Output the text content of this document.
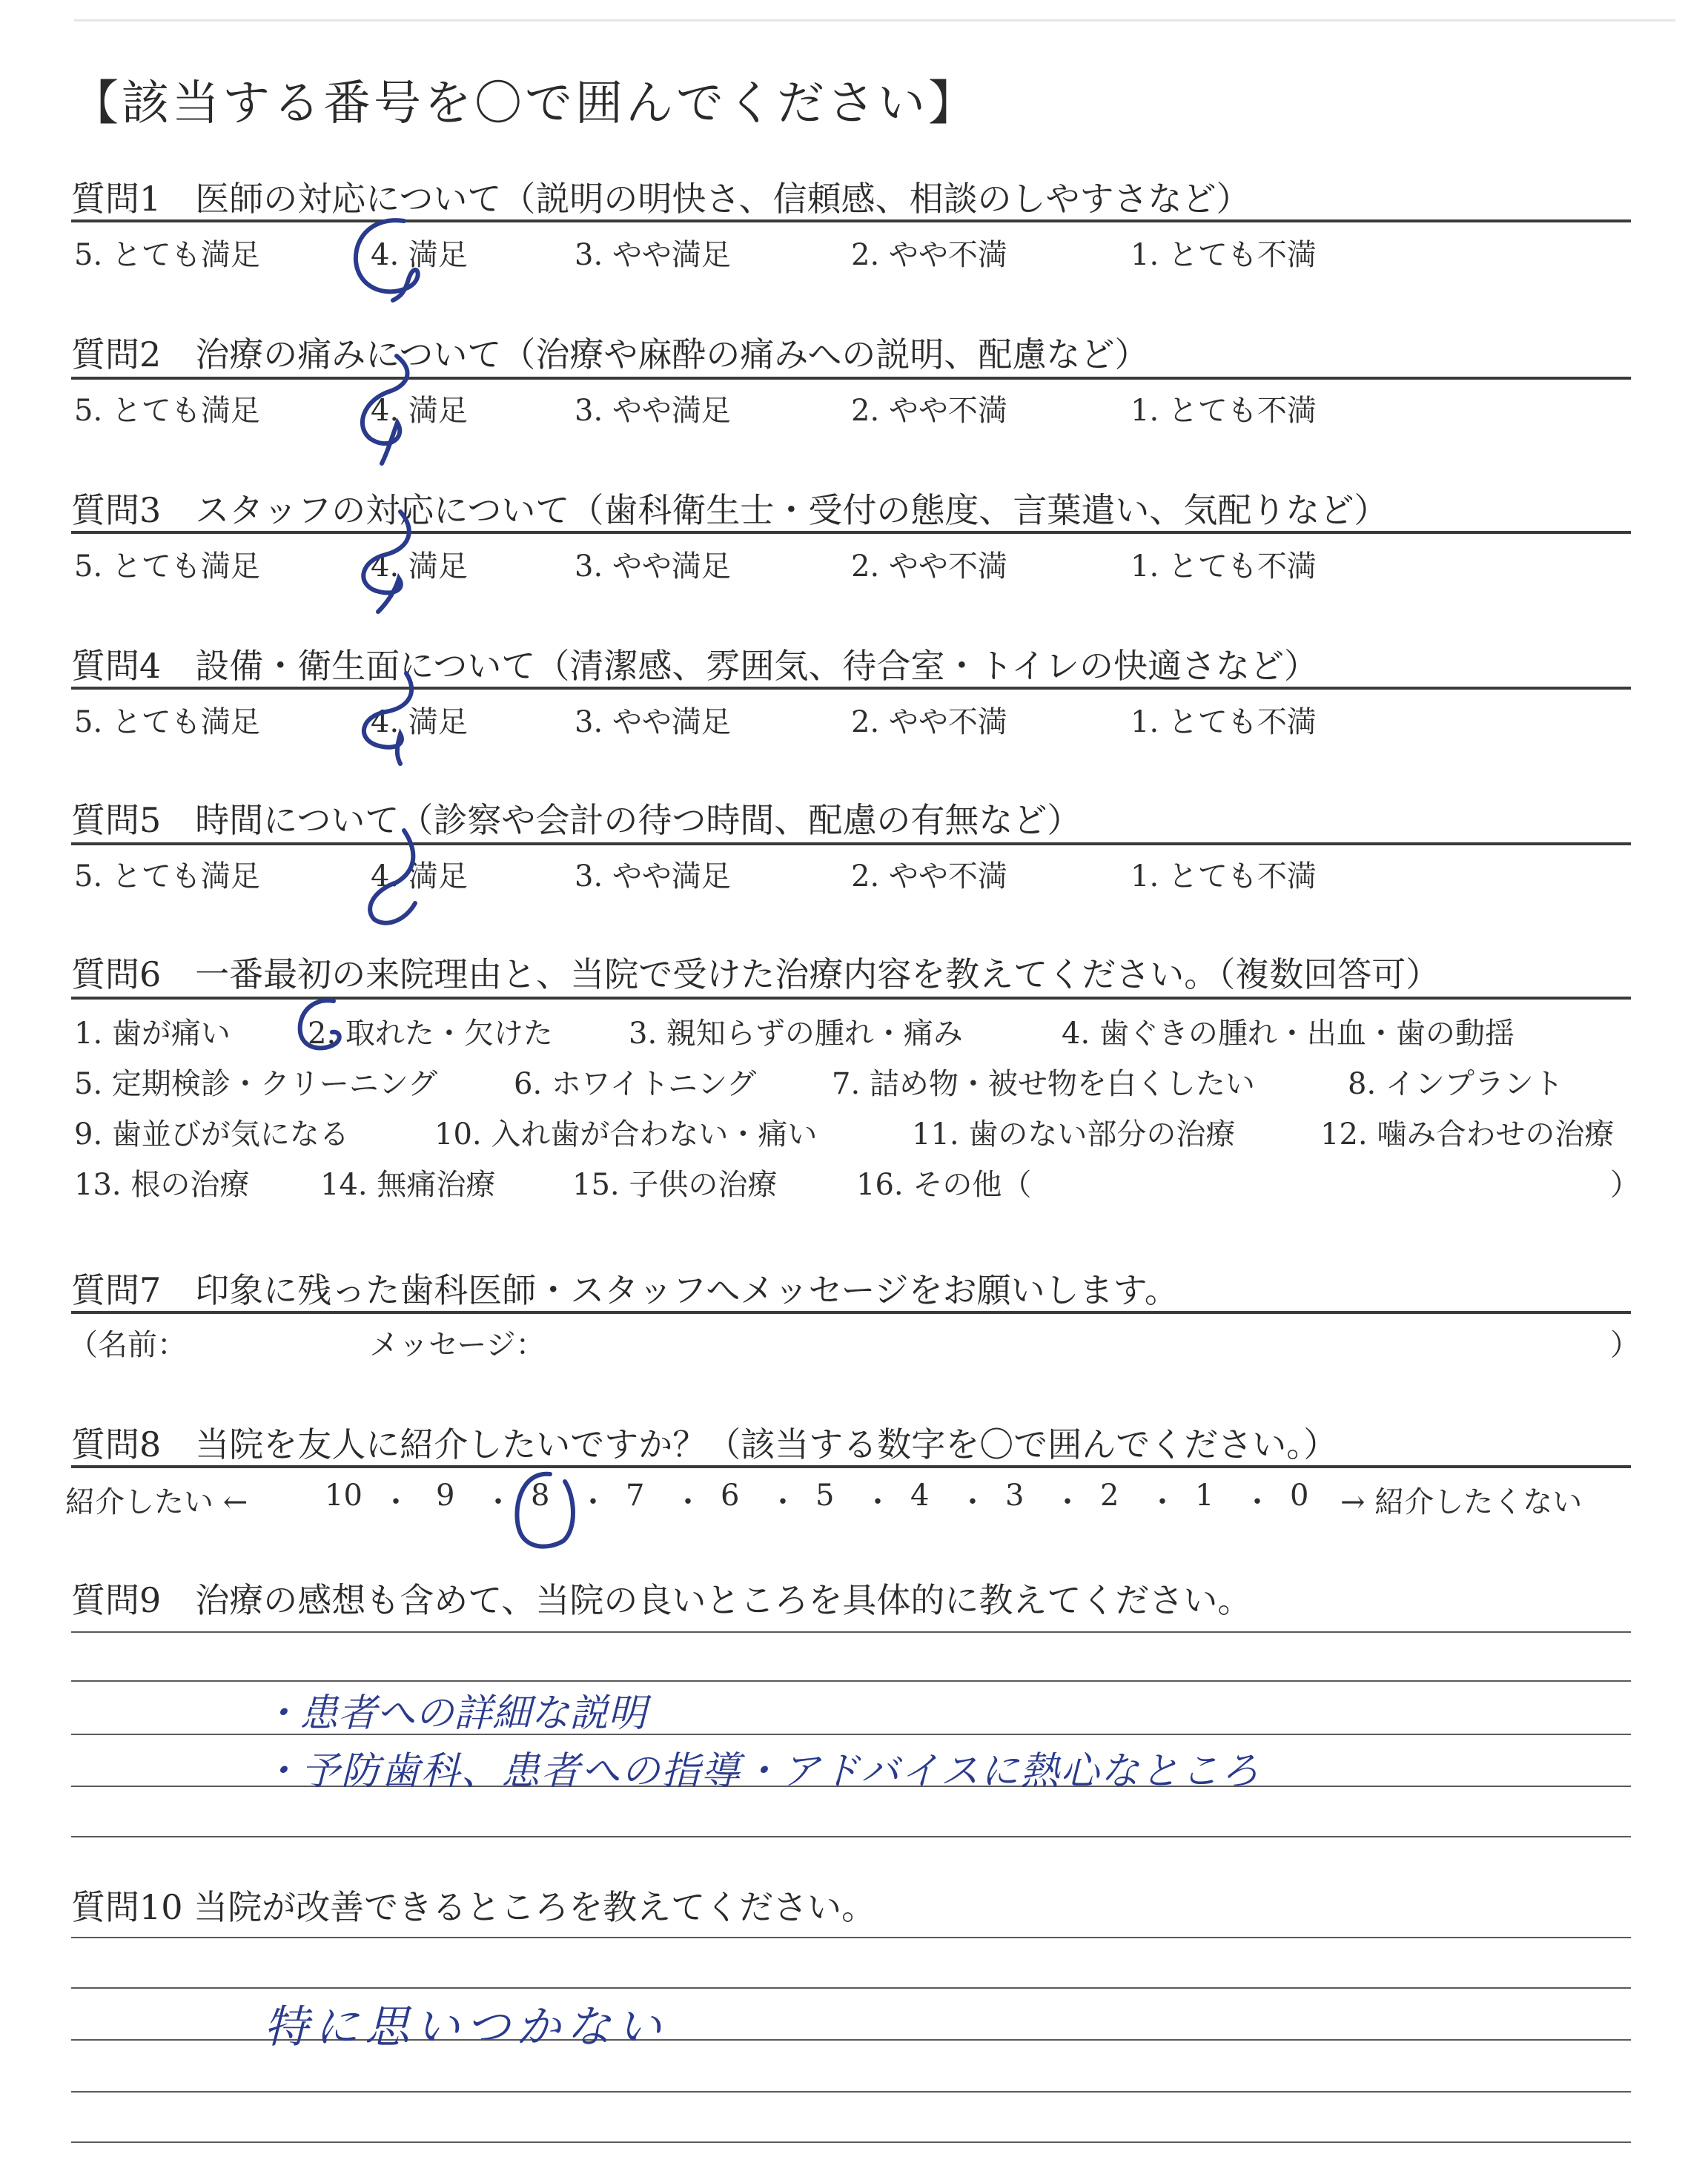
【該当する番号を〇で囲んでください】
質問1　医師の対応について（説明の明快さ、信頼感、相談のしやすさなど）
5. とても満足	4. 満足	3. やや満足	2. やや不満	1. とても不満
質問2　治療の痛みについて（治療や麻酔の痛みへの説明、配慮など）
5. とても満足	4. 満足	3. やや満足	2. やや不満	1. とても不満
質問3　スタッフの対応について（歯科衛生士・受付の態度、言葉遣い、気配りなど）
5. とても満足	4. 満足	3. やや満足	2. やや不満	1. とても不満
質問4　設備・衛生面について（清潔感、雰囲気、待合室・トイレの快適さなど）
5. とても満足	4. 満足	3. やや満足	2. やや不満	1. とても不満
質問5　時間について（診察や会計の待つ時間、配慮の有無など）
5. とても満足	4. 満足	3. やや満足	2. やや不満	1. とても不満
質問6　一番最初の来院理由と、当院で受けた治療内容を教えてください。（複数回答可）
1. 歯が痛い	2. 取れた・欠けた	3. 親知らずの腫れ・痛み	4. 歯ぐきの腫れ・出血・歯の動揺
5. 定期検診・クリーニング	6. ホワイトニング	7. 詰め物・被せ物を白くしたい	8. インプラント
9. 歯並びが気になる	10. 入れ歯が合わない・痛い	11. 歯のない部分の治療	12. 噛み合わせの治療
13. 根の治療 14. 無痛治療	15. 子供の治療	16. その他（	）
質問7　印象に残った歯科医師・スタッフへメッセージをお願いします。
（名前：	メッセージ：	）
質問8　当院を友人に紹介したいですか？（該当する数字を〇で囲んでください。）
紹介したい ←	10 ・ 9 ・ 8 ・ 7 ・ 6 ・ 5 ・ 4 ・ 3 ・ 2 ・ 1 ・ 0 → 紹介したくない
質問9　治療の感想も含めて、当院の良いところを具体的に教えてください。
・患者への詳細な説明
・予防歯科、患者への指導・アドバイスに熱心なところ
質問10 当院が改善できるところを教えてください。
特に思いつかない
